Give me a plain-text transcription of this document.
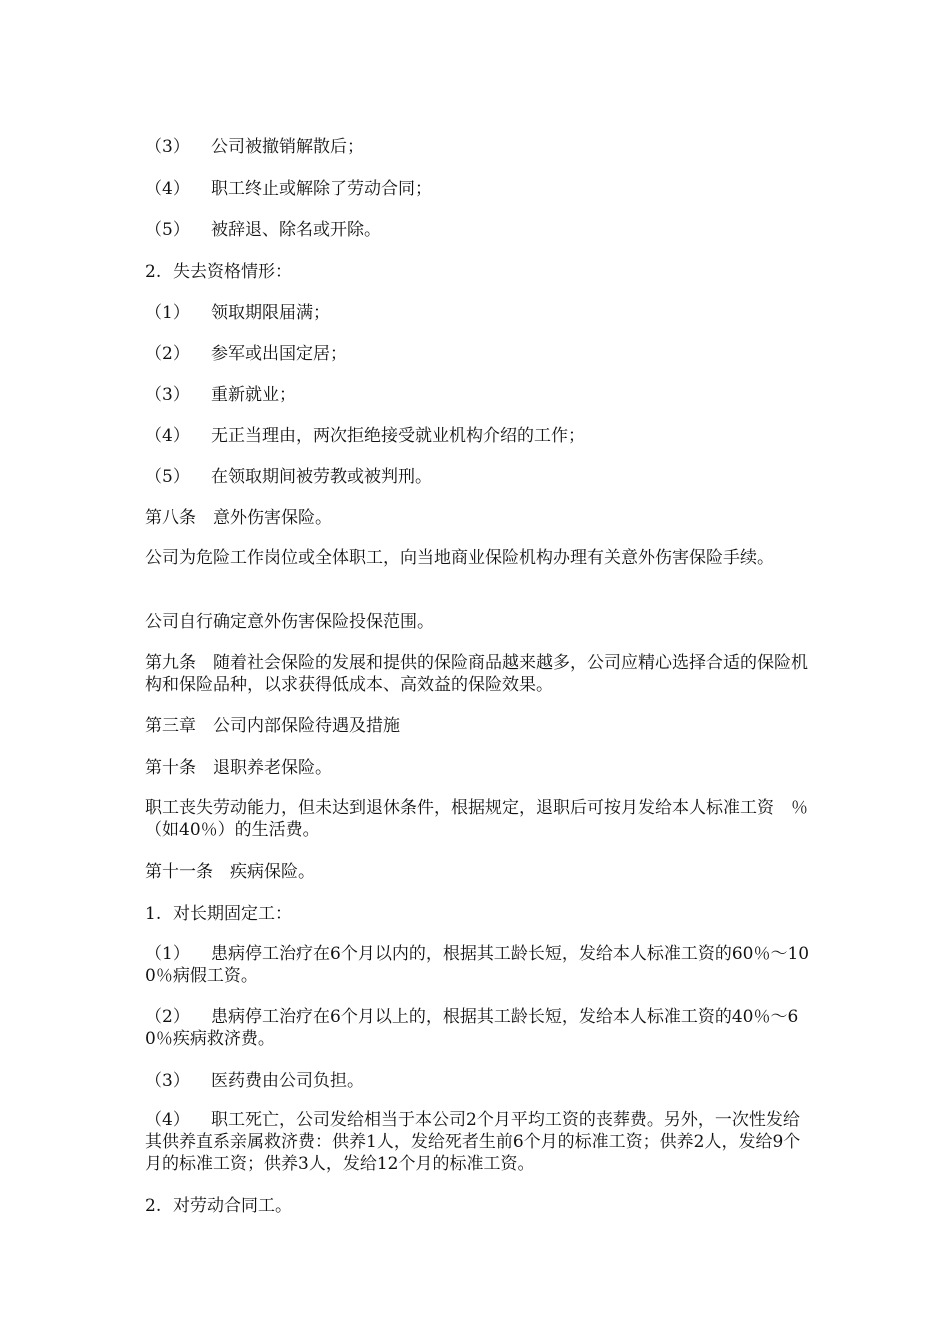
（3） 公司被撤销解散后；

（4） 职工终止或解除了劳动合同；

（5） 被辞退、除名或开除。

2. 失去资格情形：

（1） 领取期限届满；

（2） 参军或出国定居；

（3） 重新就业；

（4） 无正当理由，两次拒绝接受就业机构介绍的工作；

（5） 在领取期间被劳教或被判刑。

第八条　意外伤害保险。

公司为危险工作岗位或全体职工，向当地商业保险机构办理有关意外伤害保险手续。

公司自行确定意外伤害保险投保范围。

第九条　随着社会保险的发展和提供的保险商品越来越多，公司应精心选择合适的保险机构和保险品种，以求获得低成本、高效益的保险效果。

第三章　公司内部保险待遇及措施

第十条　退职养老保险。

职工丧失劳动能力，但未达到退休条件，根据规定，退职后可按月发给本人标准工资　％（如40％）的生活费。

第十一条　疾病保险。

1. 对长期固定工：

（1） 患病停工治疗在6个月以内的，根据其工龄长短，发给本人标准工资的60％～100％病假工资。

（2） 患病停工治疗在6个月以上的，根据其工龄长短，发给本人标准工资的40％～60％疾病救济费。

（3） 医药费由公司负担。

（4） 职工死亡，公司发给相当于本公司2个月平均工资的丧葬费。另外，一次性发给其供养直系亲属救济费：供养1人，发给死者生前6个月的标准工资；供养2人，发给9个月的标准工资；供养3人，发给12个月的标准工资。

2. 对劳动合同工。
